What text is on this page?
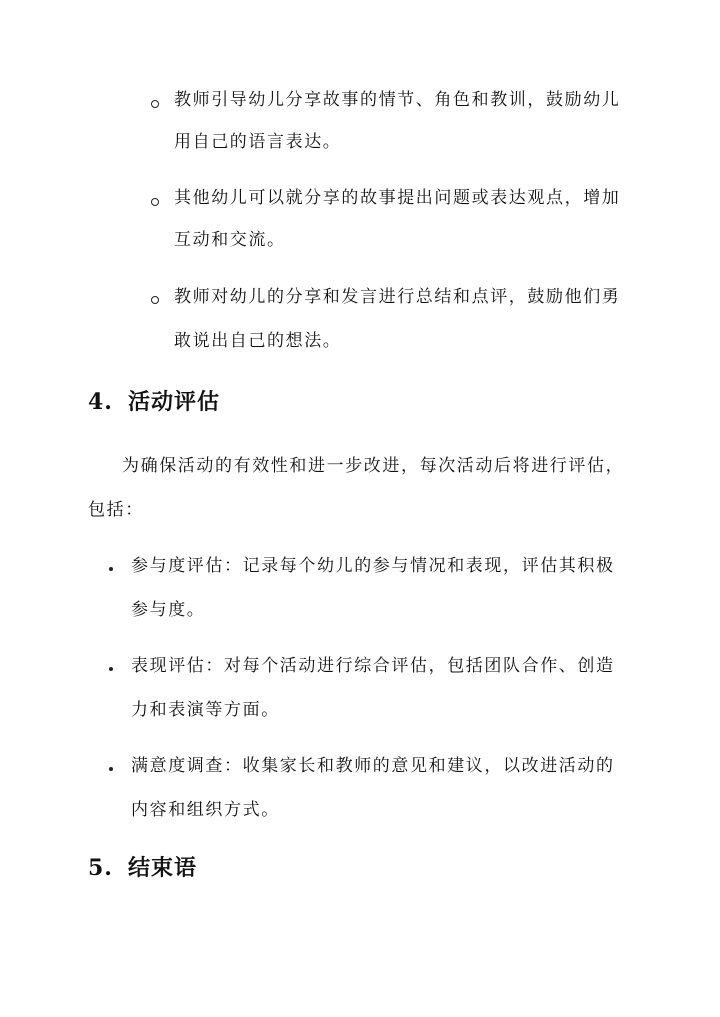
教师引导幼儿分享故事的情节、角色和教训，鼓励幼儿
用自己的语言表达。
其他幼儿可以就分享的故事提出问题或表达观点，增加
互动和交流。
教师对幼儿的分享和发言进行总结和点评，鼓励他们勇
敢说出自己的想法。
4. 活动评估
为确保活动的有效性和进一步改进，每次活动后将进行评估，
包括：
参与度评估：记录每个幼儿的参与情况和表现，评估其积极
参与度。
表现评估：对每个活动进行综合评估，包括团队合作、创造
力和表演等方面。
满意度调查：收集家长和教师的意见和建议，以改进活动的
内容和组织方式。
5. 结束语
